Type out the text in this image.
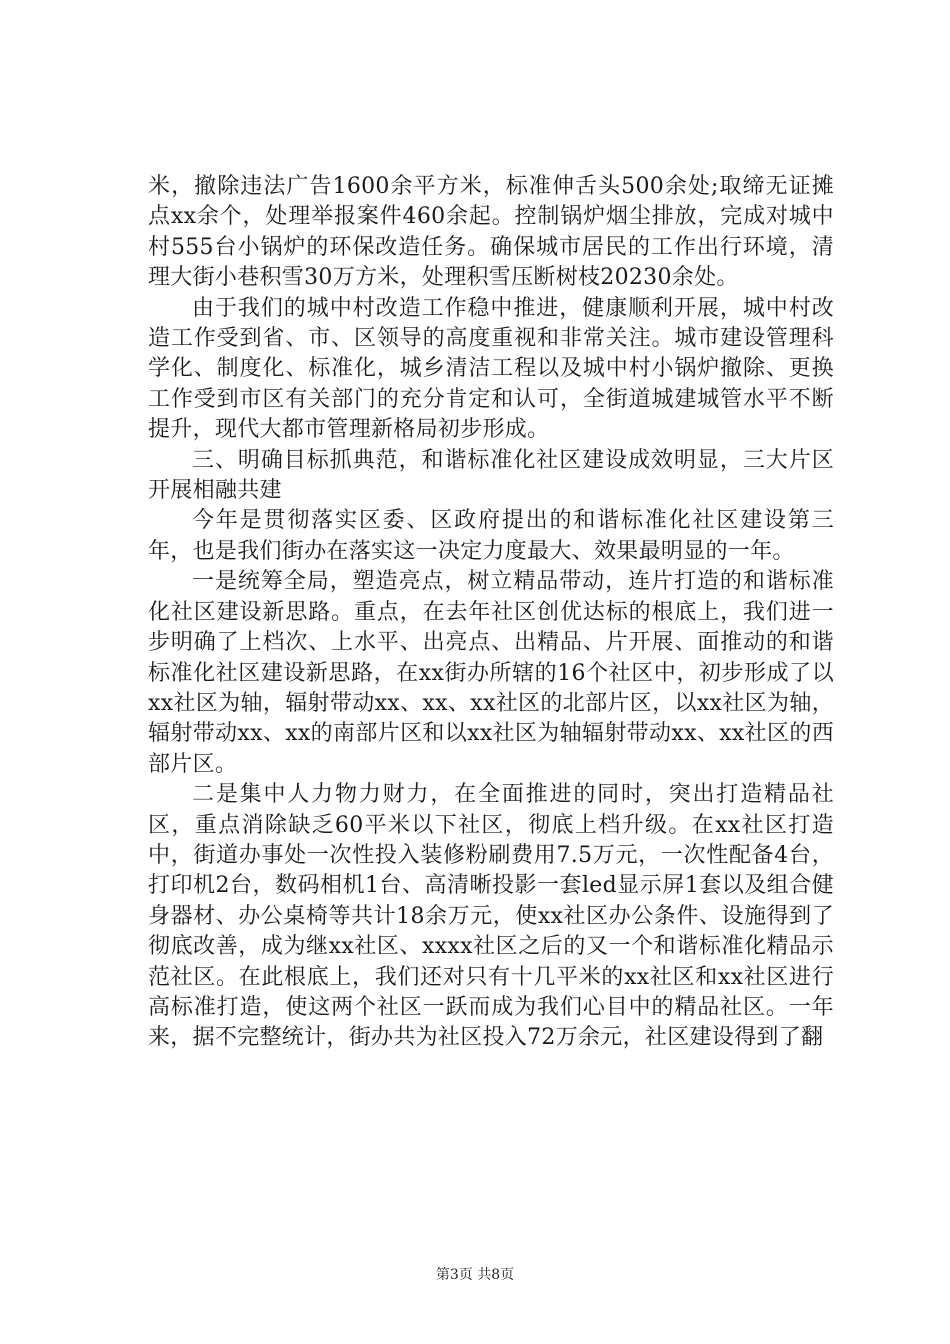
米，撤除违法广告1600余平方米，标准伸舌头500余处;取缔无证摊点xx余个，处理举报案件460余起。控制锅炉烟尘排放，完成对城中村555台小锅炉的环保改造任务。确保城市居民的工作出行环境，清理大街小巷积雪30万方米，处理积雪压断树枝20230余处。

由于我们的城中村改造工作稳中推进，健康顺利开展，城中村改造工作受到省、市、区领导的高度重视和非常关注。城市建设管理科学化、制度化、标准化，城乡清洁工程以及城中村小锅炉撤除、更换工作受到市区有关部门的充分肯定和认可，全街道城建城管水平不断提升，现代大都市管理新格局初步形成。

三、明确目标抓典范，和谐标准化社区建设成效明显，三大片区开展相融共建

今年是贯彻落实区委、区政府提出的和谐标准化社区建设第三年，也是我们街办在落实这一决定力度最大、效果最明显的一年。

一是统筹全局，塑造亮点，树立精品带动，连片打造的和谐标准化社区建设新思路。重点，在去年社区创优达标的根底上，我们进一步明确了上档次、上水平、出亮点、出精品、片开展、面推动的和谐标准化社区建设新思路，在xx街办所辖的16个社区中，初步形成了以xx社区为轴，辐射带动xx、xx、xx社区的北部片区，以xx社区为轴，辐射带动xx、xx的南部片区和以xx社区为轴辐射带动xx、xx社区的西部片区。

二是集中人力物力财力，在全面推进的同时，突出打造精品社区，重点消除缺乏60平米以下社区，彻底上档升级。在xx社区打造中，街道办事处一次性投入装修粉刷费用7.5万元，一次性配备4台，打印机2台，数码相机1台、高清晰投影一套led显示屏1套以及组合健身器材、办公桌椅等共计18余万元，使xx社区办公条件、设施得到了彻底改善，成为继xx社区、xxxx社区之后的又一个和谐标准化精品示范社区。在此根底上，我们还对只有十几平米的xx社区和xx社区进行高标准打造，使这两个社区一跃而成为我们心目中的精品社区。一年来，据不完整统计，街办共为社区投入72万余元，社区建设得到了翻

第3页 共8页
